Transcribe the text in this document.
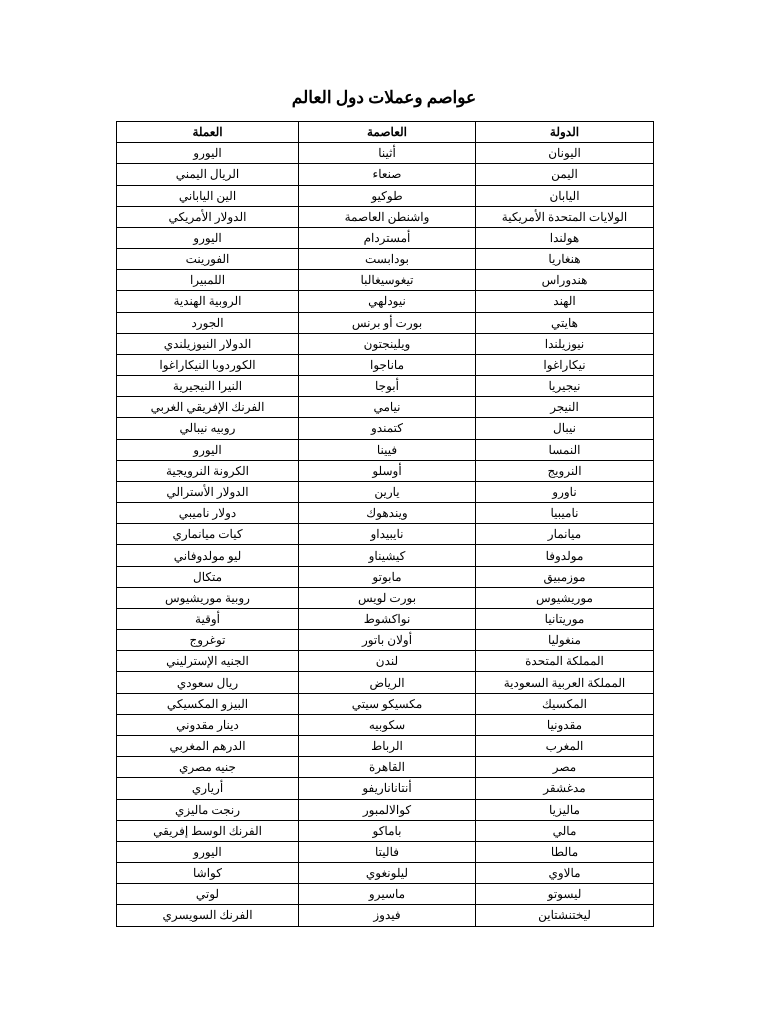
عواصم وعملات دول العالم
الدولة	العاصمة	العملة
اليونان	أثينا	اليورو
اليمن	صنعاء	الريال اليمني
اليابان	طوكيو	الين الياباني
الولايات المتحدة الأمريكية	واشنطن العاصمة	الدولار الأمريكي
هولندا	أمستردام	اليورو
هنغاريا	بودابست	الفورينت
هندوراس	تيغوسيغالبا	اللمبيرا
الهند	نيودلهي	الروبية الهندية
هايتي	بورت أو برنس	الجورد
نيوزيلندا	ويلينجتون	الدولار النيوزيلندي
نيكاراغوا	ماناجوا	الكوردوبا النيكاراغوا
نيجيريا	أبوجا	النيرا النيجيرية
النيجر	نيامي	الفرنك الإفريقي الغربي
نيبال	كتمندو	روبيه نيبالي
النمسا	فيينا	اليورو
النرويج	أوسلو	الكرونة النرويجية
ناورو	يارين	الدولار الأسترالي
ناميبيا	ويندهوك	دولار ناميبي
ميانمار	نايبيداو	كيات ميانماري
مولدوفا	كيشيناو	ليو مولدوفاني
موزمبيق	مابوتو	متكال
موريشيوس	بورت لويس	روبية موريشيوس
موريتانيا	نواكشوط	أوقية
منغوليا	أولان باتور	توغروج
المملكة المتحدة	لندن	الجنيه الإسترليني
المملكة العربية السعودية	الرياض	ريال سعودي
المكسيك	مكسيكو سيتي	البيزو المكسيكي
مقدونيا	سكوبيه	دينار مقدوني
المغرب	الرباط	الدرهم المغربي
مصر	القاهرة	جنيه مصري
مدغشقر	أنتاناناريفو	أرياري
ماليزيا	كوالالمبور	رنجت ماليزي
مالي	باماكو	الفرنك الوسط إفريقي
مالطا	فاليتا	اليورو
مالاوي	ليلونغوي	كواشا
ليسوتو	ماسيرو	لوتي
ليختنشتاين	فيدوز	الفرنك السويسري
